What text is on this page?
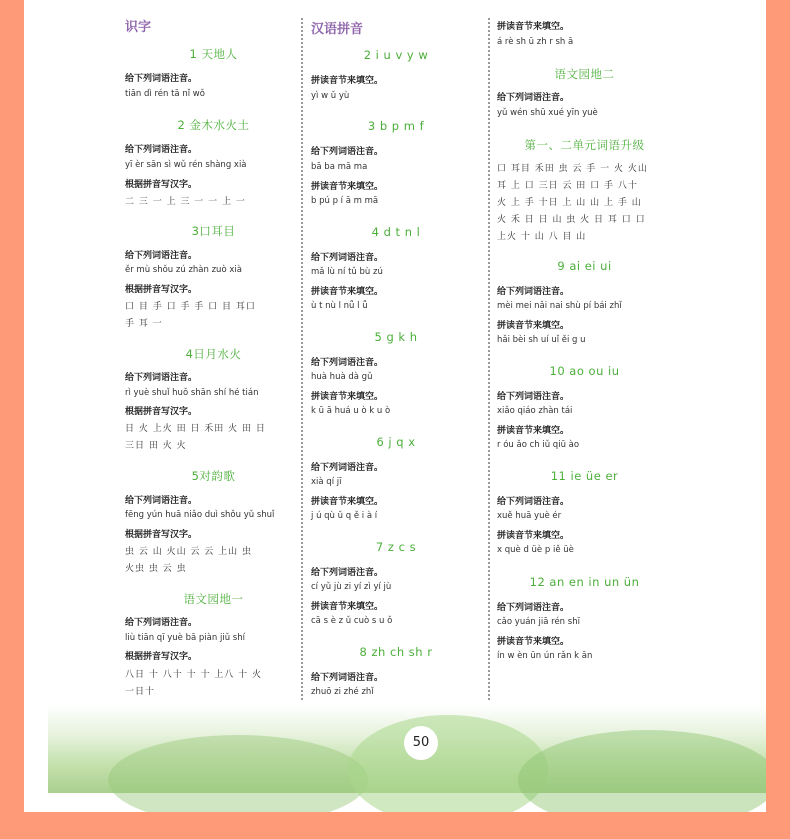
识字
1 天地人
给下列词语注音。
tiān dì rén tā nǐ wǒ
2 金木水火土
给下列词语注音。
yī èr sān sì wǔ rén shàng xià
根据拼音写汉字。
二 三 一 上 三 一 一 上 一
3口耳目
给下列词语注音。
ěr mù shǒu zú zhàn zuò xià
根据拼音写汉字。
口 目 手 口 手 手 口 目 耳口
手 耳 一
4日月水火
给下列词语注音。
rì yuè shuǐ huǒ shān shí hé tián
根据拼音写汉字。
日 火 上火 田 日 禾田 火 田 日
三日 田 火 火
5对韵歌
给下列词语注音。
fēng yún huā niǎo duì shǒu yǔ shuǐ
根据拼音写汉字。
虫 云 山 火山 云 云 上山 虫
火虫 虫 云 虫
语文园地一
给下列词语注音。
liù tiān qī yuè bā piàn jiǔ shí
根据拼音写汉字。
八日 十 八十 十 十 上八 十 火
一日十
汉语拼音
2 i u v y w
拼读音节来填空。
yì w ǔ yù
3 b p m f
给下列词语注音。
bā ba mā ma
拼读音节来填空。
b pú p í ā m mā
4 d t n l
给下列词语注音。
mǎ lù ní tǔ bù zú
拼读音节来填空。
ù t nù l nǚ l ǚ
5 g k h
给下列词语注音。
huà huà dà gǔ
拼读音节来填空。
k ū ā huá u ò k u ò
6 j q x
给下列词语注音。
xià qí jī
拼读音节来填空。
j ú qù ǔ q ě i à í
7 z c s
给下列词语注音。
cí yǔ jù zi yí zì yí jù
拼读音节来填空。
cā s è z ǔ cuò s u ǒ
8 zh ch sh r
给下列词语注音。
zhuō zi zhé zhǐ
拼读音节来填空。
á rè sh ū zh r sh ā
语文园地二
给下列词语注音。
yǔ wén shū xué yīn yuè
第一、二单元词语升级
口 耳目 禾田 虫 云 手 一 火 火山
耳 上 口 三日 云 田 口 手 八十
火 上 手 十日 上 山 山 上 手 山
火 禾 日 日 山 虫 火 日 耳 口 口
上火 十 山 八 目 山
9 ai ei ui
给下列词语注音。
mèi mei nǎi nai shù pí bái zhǐ
拼读音节来填空。
hǎi bèi sh uí uǐ ěi g u
10 ao ou iu
给下列词语注音。
xiǎo qiáo zhàn tái
拼读音节来填空。
r óu ǎo ch iǔ qiū ào
11 ie üe er
给下列词语注音。
xuě huā yuè ér
拼读音节来填空。
x què d üè p iě üè
12 an en in un ün
给下列词语注音。
cǎo yuán jiā rén shī
拼读音节来填空。
ín w èn ūn ún rǎn k ān
50
